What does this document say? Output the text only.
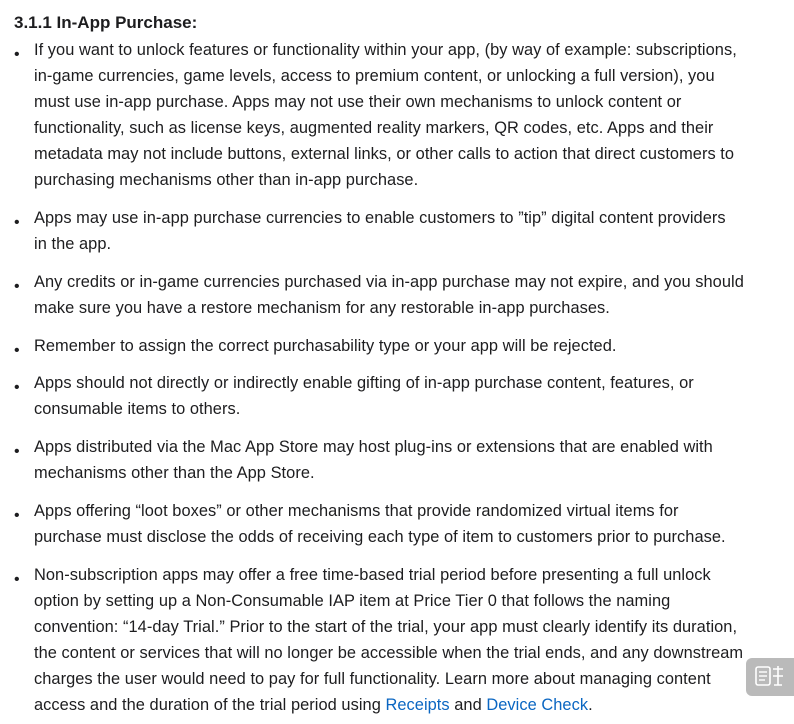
3.1.1 In-App Purchase:
• If you want to unlock features or functionality within your app, (by way of example: subscriptions,
in-game currencies, game levels, access to premium content, or unlocking a full version), you
must use in-app purchase. Apps may not use their own mechanisms to unlock content or
functionality, such as license keys, augmented reality markers, QR codes, etc. Apps and their
metadata may not include buttons, external links, or other calls to action that direct customers to
purchasing mechanisms other than in-app purchase.
• Apps may use in-app purchase currencies to enable customers to ”tip” digital content providers
in the app.
• Any credits or in-game currencies purchased via in-app purchase may not expire, and you should
make sure you have a restore mechanism for any restorable in-app purchases.
• Remember to assign the correct purchasability type or your app will be rejected.
• Apps should not directly or indirectly enable gifting of in-app purchase content, features, or
consumable items to others.
• Apps distributed via the Mac App Store may host plug-ins or extensions that are enabled with
mechanisms other than the App Store.
• Apps offering “loot boxes” or other mechanisms that provide randomized virtual items for
purchase must disclose the odds of receiving each type of item to customers prior to purchase.
• Non-subscription apps may offer a free time-based trial period before presenting a full unlock
option by setting up a Non-Consumable IAP item at Price Tier 0 that follows the naming
convention: “14-day Trial.” Prior to the start of the trial, your app must clearly identify its duration,
the content or services that will no longer be accessible when the trial ends, and any downstream
charges the user would need to pay for full functionality. Learn more about managing content
access and the duration of the trial period using Receipts and Device Check.
